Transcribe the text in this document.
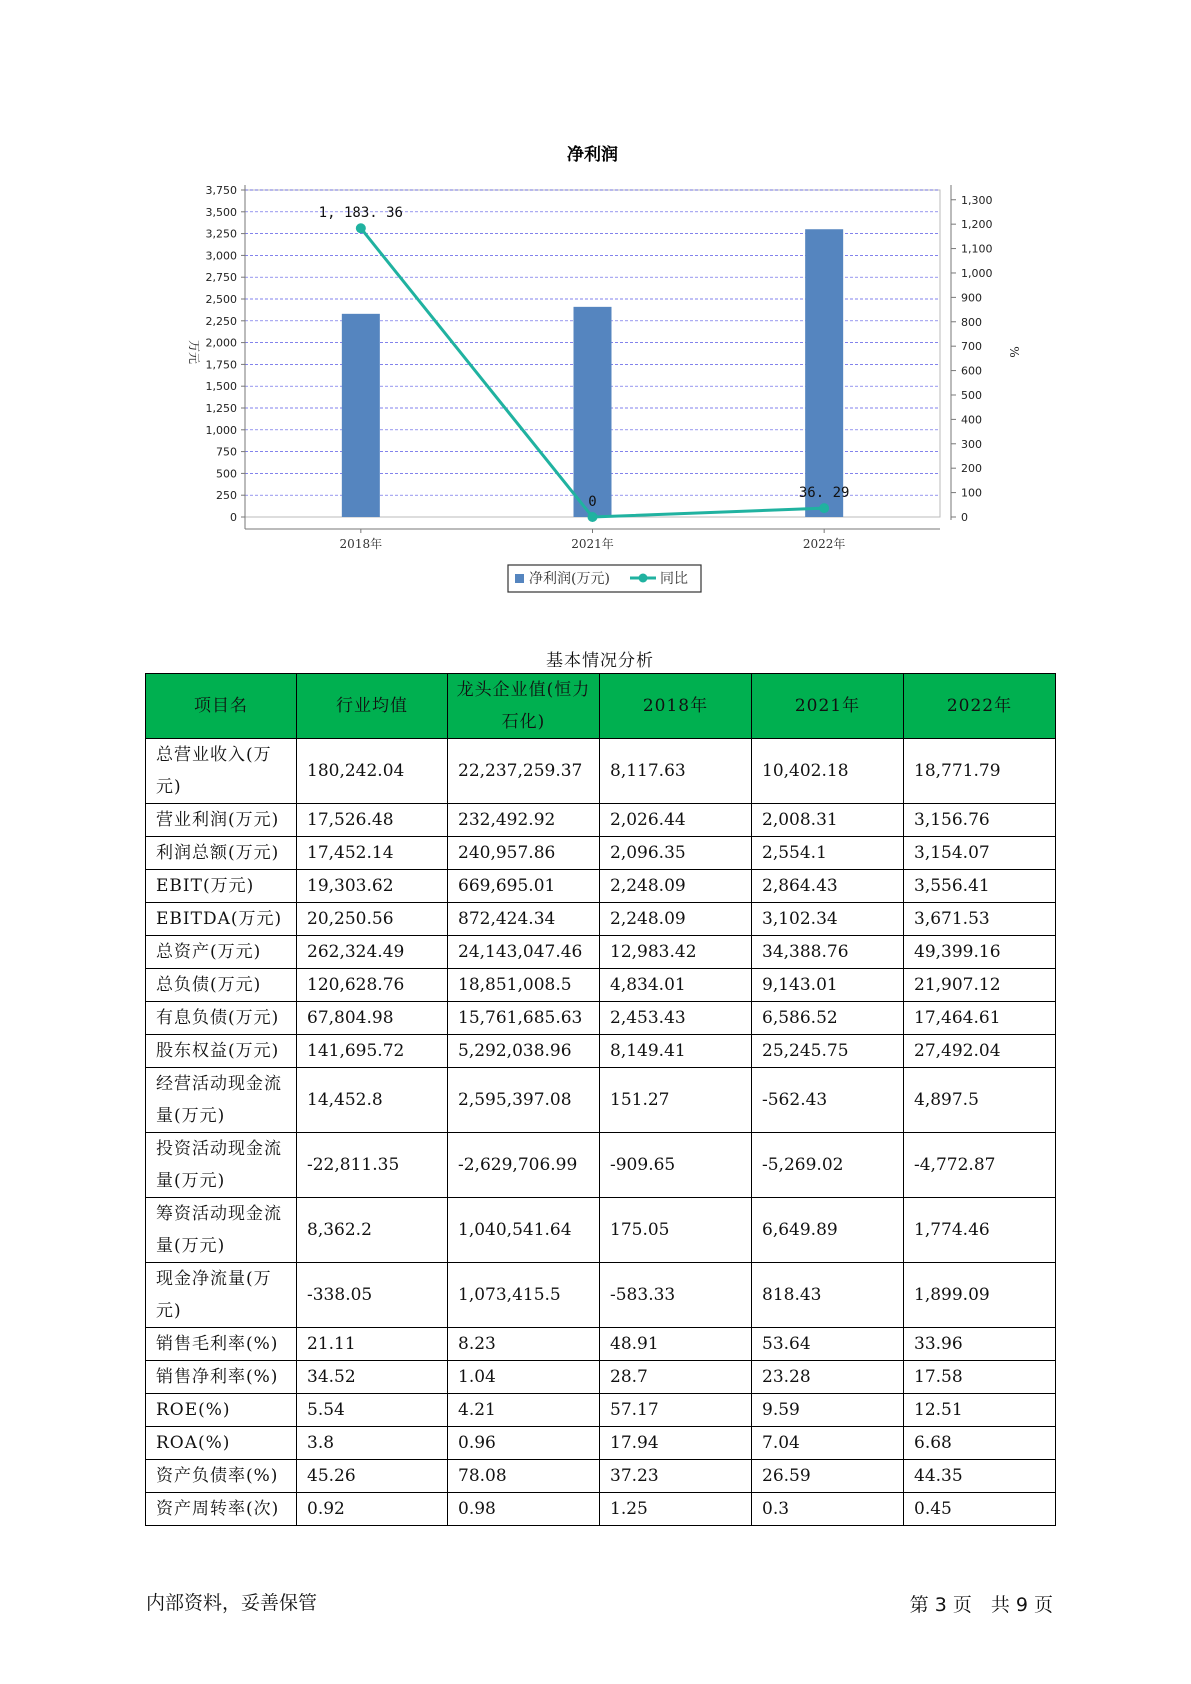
净利润
0
250
500
750
1,000
1,250
1,500
1,750
2,000
2,250
2,500
2,750
3,000
3,250
3,500
3,750
0
100
200
300
400
500
600
700
800
900
1,000
1,100
1,200
1,300
万元	%
2018年	2021年	2022年
1, 183. 36
0
36. 29
净利润(万元)	同比
基本情况分析
项目名	行业均值	龙头企业值(恒力石化)	2018年	2021年	2022年
总营业收入(万元)	180,242.04	22,237,259.37	8,117.63	10,402.18	18,771.79
营业利润(万元)	17,526.48	232,492.92	2,026.44	2,008.31	3,156.76
利润总额(万元)	17,452.14	240,957.86	2,096.35	2,554.1	3,154.07
EBIT(万元)	19,303.62	669,695.01	2,248.09	2,864.43	3,556.41
EBITDA(万元)	20,250.56	872,424.34	2,248.09	3,102.34	3,671.53
总资产(万元)	262,324.49	24,143,047.46	12,983.42	34,388.76	49,399.16
总负债(万元)	120,628.76	18,851,008.5	4,834.01	9,143.01	21,907.12
有息负债(万元)	67,804.98	15,761,685.63	2,453.43	6,586.52	17,464.61
股东权益(万元)	141,695.72	5,292,038.96	8,149.41	25,245.75	27,492.04
经营活动现金流量(万元)	14,452.8	2,595,397.08	151.27	-562.43	4,897.5
投资活动现金流量(万元)	-22,811.35	-2,629,706.99	-909.65	-5,269.02	-4,772.87
筹资活动现金流量(万元)	8,362.2	1,040,541.64	175.05	6,649.89	1,774.46
现金净流量(万元)	-338.05	1,073,415.5	-583.33	818.43	1,899.09
销售毛利率(%)	21.11	8.23	48.91	53.64	33.96
销售净利率(%)	34.52	1.04	28.7	23.28	17.58
ROE(%)	5.54	4.21	57.17	9.59	12.51
ROA(%)	3.8	0.96	17.94	7.04	6.68
资产负债率(%)	45.26	78.08	37.23	26.59	44.35
资产周转率(次)	0.92	0.98	1.25	0.3	0.45
内部资料，妥善保管	第 3 页　共 9 页
